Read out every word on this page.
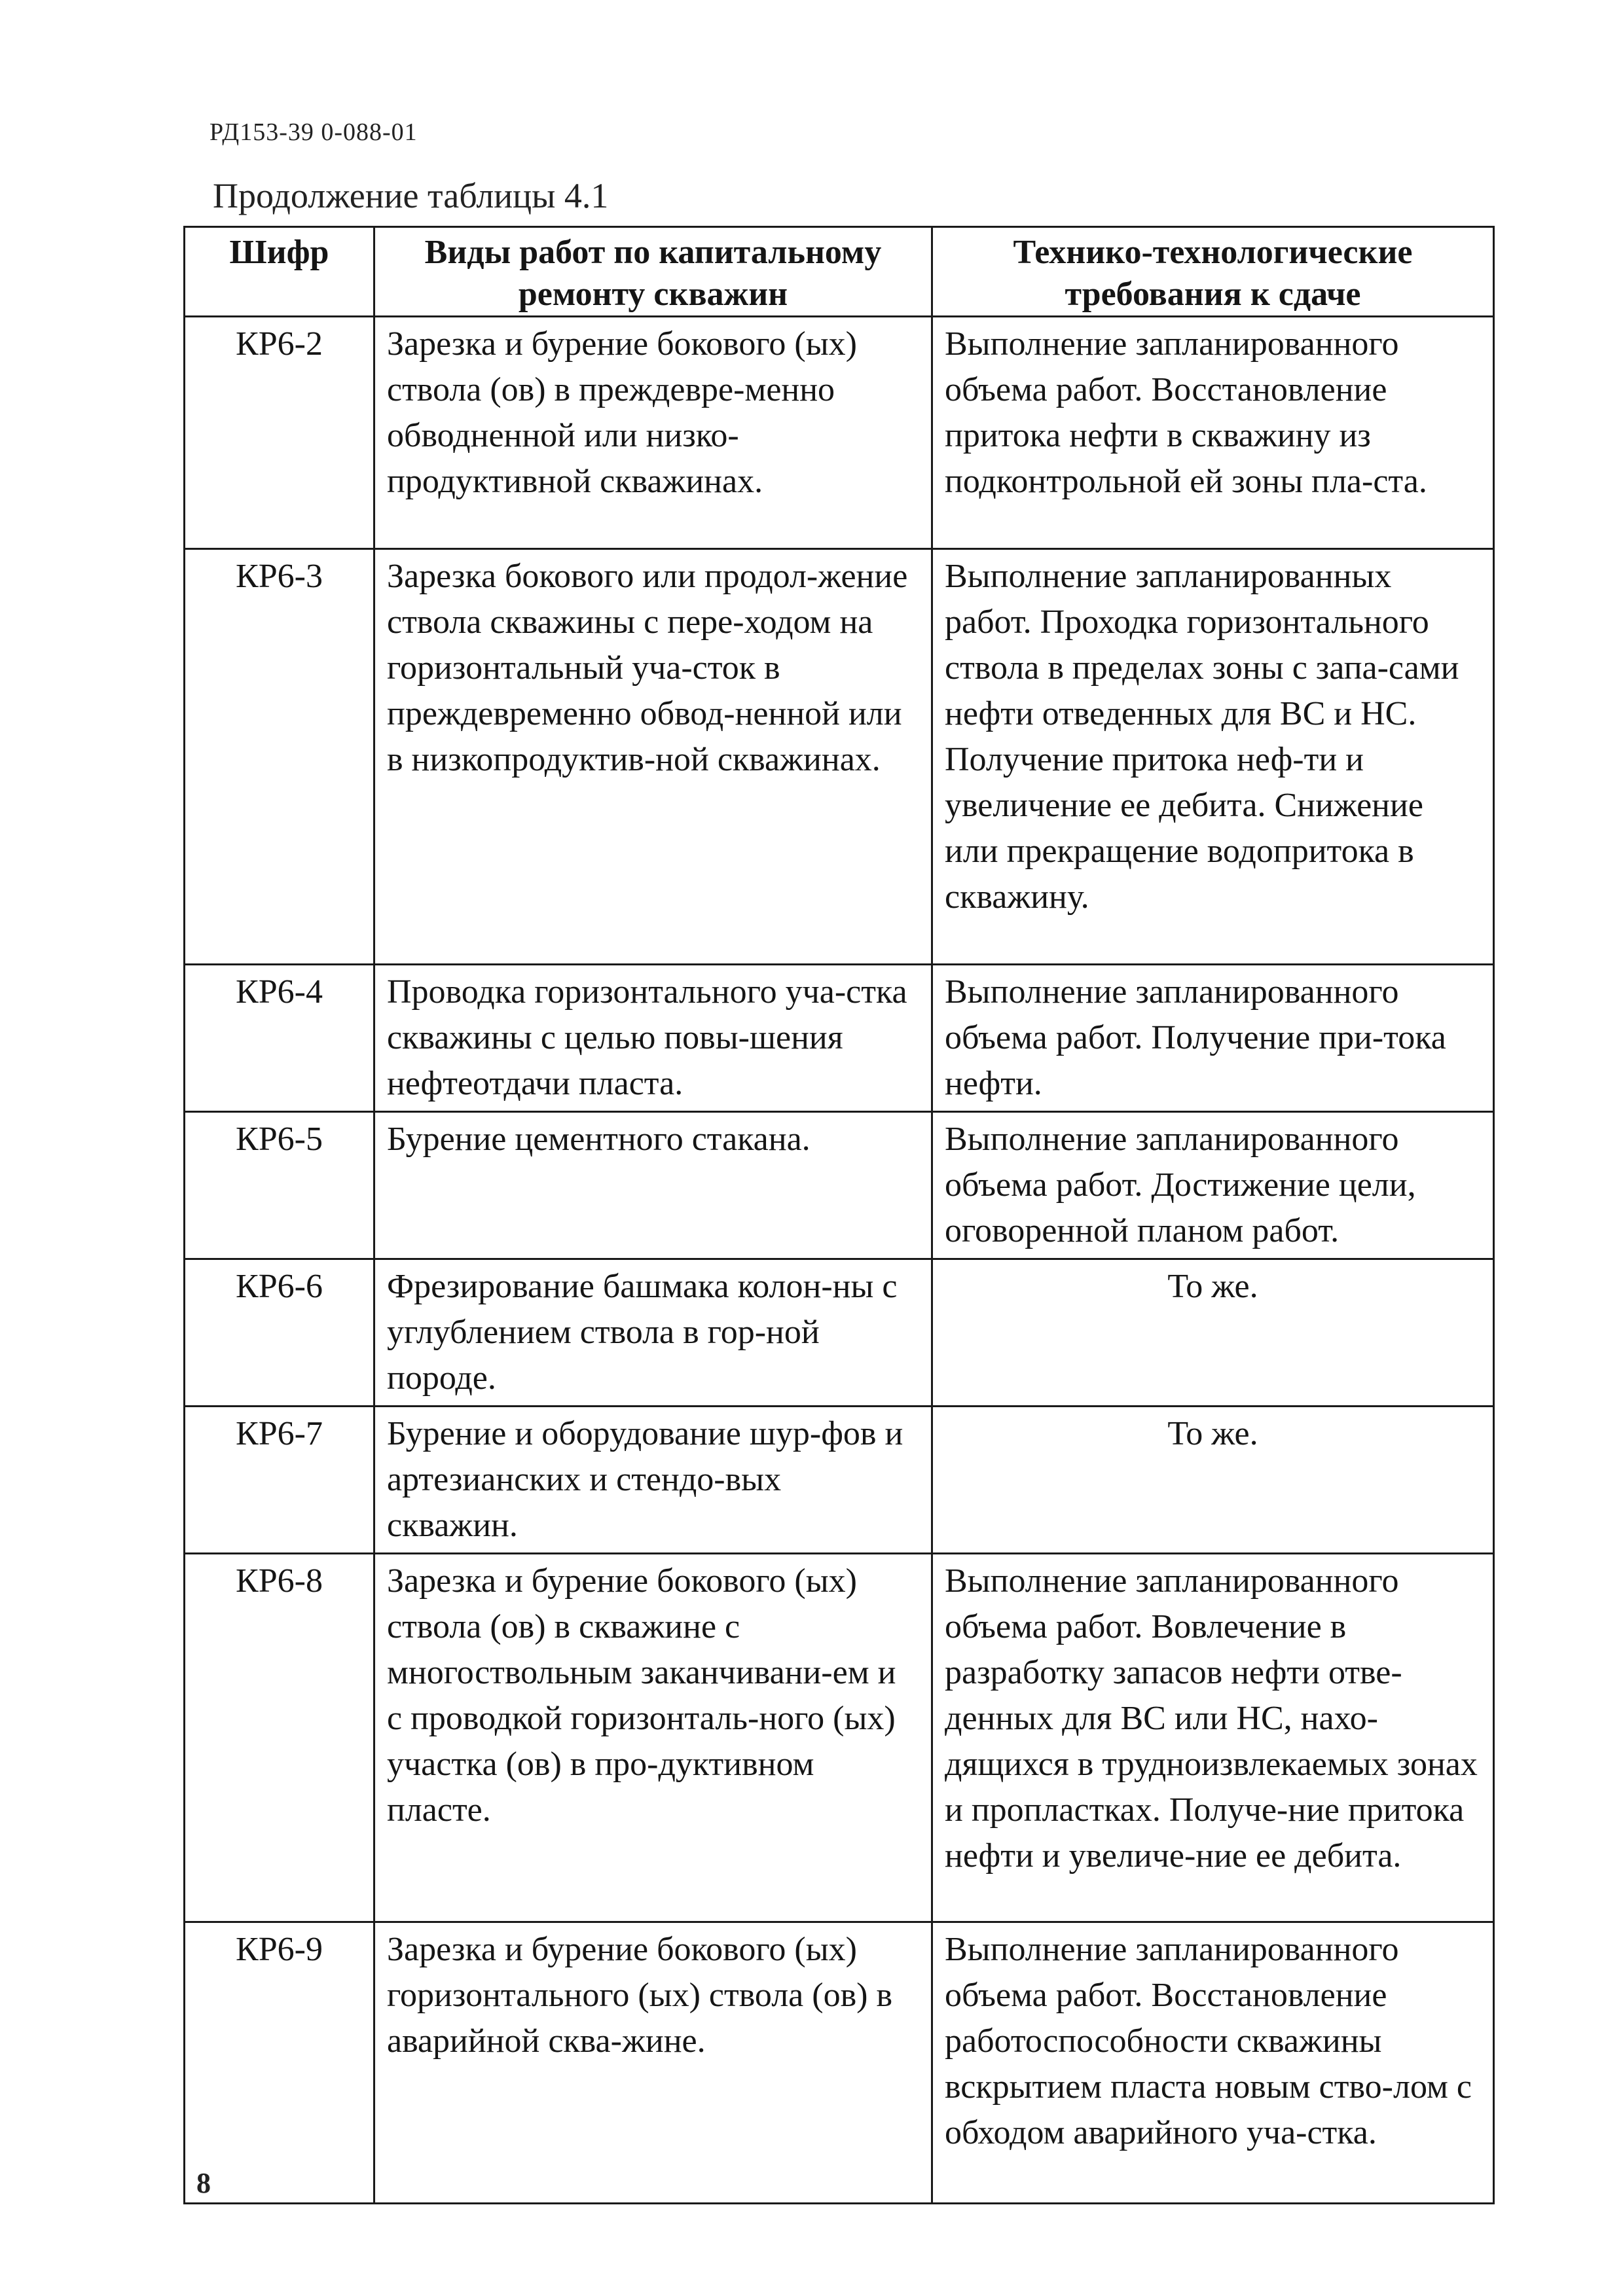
РД153-39 0-088-01
Продолжение таблицы 4.1
Шифр	Виды работ по капитальному ремонту скважин	Технико-технологические требования к сдаче
КР6-2	Зарезка и бурение бокового (ых) ствола (ов) в преждевре-менно обводненной или низко-продуктивной скважинах.	Выполнение запланированного объема работ. Восстановление притока нефти в скважину из подконтрольной ей зоны пла-ста.
КР6-3	Зарезка бокового или продол-жение ствола скважины с пере-ходом на горизонтальный уча-сток в преждевременно обвод-ненной или в низкопродуктив-ной скважинах.	Выполнение запланированных работ. Проходка горизонтального ствола в пределах зоны с запа-сами нефти отведенных для ВС и НС. Получение притока неф-ти и увеличение ее дебита. Снижение или прекращение водопритока в скважину.
КР6-4	Проводка горизонтального уча-стка скважины с целью повы-шения нефтеотдачи пласта.	Выполнение запланированного объема работ. Получение при-тока нефти.
КР6-5	Бурение цементного стакана.	Выполнение запланированного объема работ. Достижение цели, оговоренной планом работ.
КР6-6	Фрезирование башмака колон-ны с углублением ствола в гор-ной породе.	То же.
КР6-7	Бурение и оборудование шур-фов и артезианских и стендо-вых скважин.	То же.
КР6-8	Зарезка и бурение бокового (ых) ствола (ов) в скважине с многоствольным заканчивани-ем и с проводкой горизонталь-ного (ых) участка (ов) в про-дуктивном пласте.	Выполнение запланированного объема работ. Вовлечение в разработку запасов нефти отве-денных для ВС или НС, нахо-дящихся в трудноизвлекаемых зонах и пропластках. Получе-ние притока нефти и увеличе-ние ее дебита.
КР6-9	Зарезка и бурение бокового (ых) горизонтального (ых) ствола (ов) в аварийной сква-жине.	Выполнение запланированного объема работ. Восстановление работоспособности скважины вскрытием пласта новым ство-лом с обходом аварийного уча-стка.
8
